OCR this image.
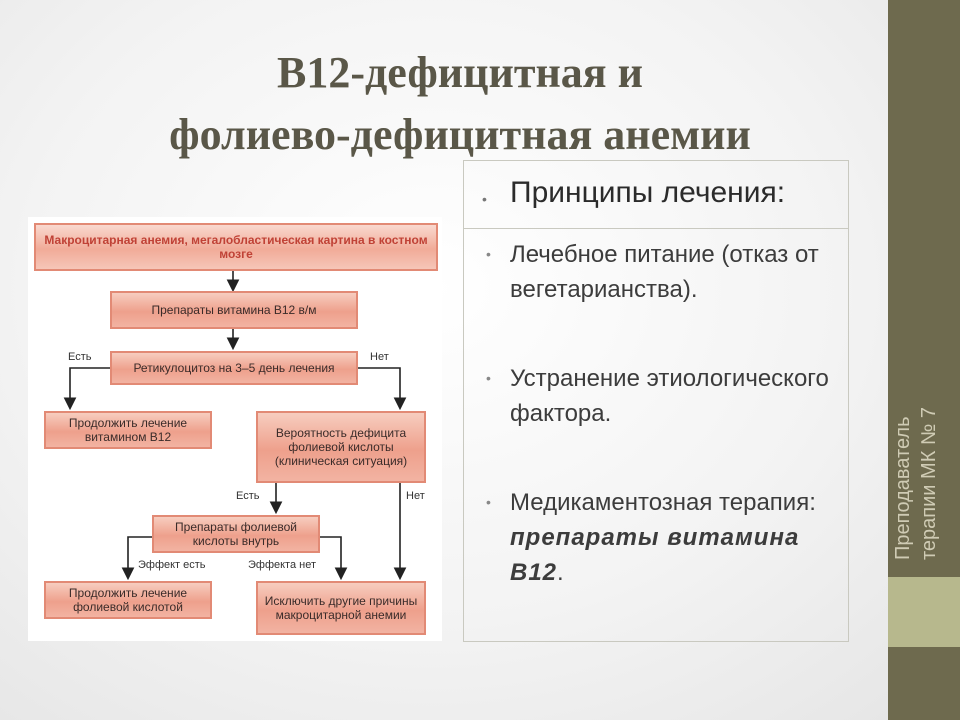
В12-дефицитная и
фолиево-дефицитная анемии
Макроцитарная анемия, мегалобластическая картина в костном мозге
Препараты витамина B12 в/м
Ретикулоцитоз на 3–5 день лечения
Продолжить лечение витамином B12	Вероятность дефицита фолиевой кислоты (клиническая ситуация)
Препараты фолиевой кислоты внутрь
Продолжить лечение фолиевой кислотой	Исключить другие причины макроцитарной анемии
Есть	Нет
Есть	Нет
Эффект есть	Эффекта нет
• Принципы лечения:
• Лечебное питание (отказ от вегетарианства).
• Устранение этиологического фактора.
• Медикаментозная терапия: препараты витамина В12.
Преподаватель терапии МК № 7
